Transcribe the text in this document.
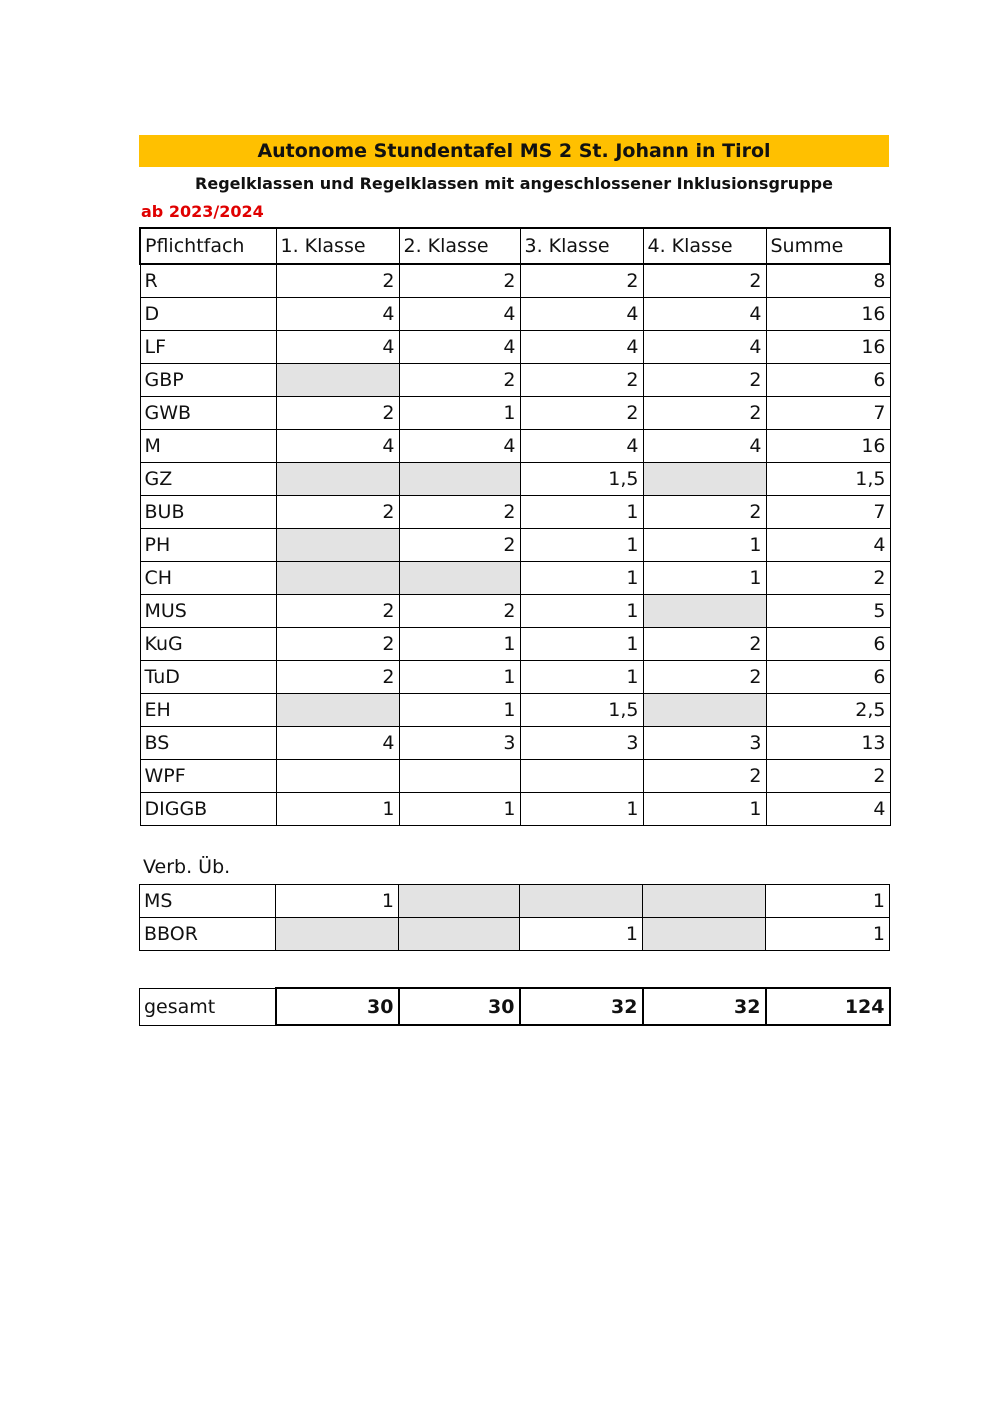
Autonome Stundentafel MS 2 St. Johann in Tirol
Regelklassen und Regelklassen mit angeschlossener Inklusionsgruppe
ab 2023/2024
Pflichtfach	1. Klasse	2. Klasse	3. Klasse	4. Klasse	Summe
R	2	2	2	2	8
D	4	4	4	4	16
LF	4	4	4	4	16
GBP		2	2	2	6
GWB	2	1	2	2	7
M	4	4	4	4	16
GZ			1,5		1,5
BUB	2	2	1	2	7
PH		2	1	1	4
CH			1	1	2
MUS	2	2	1		5
KuG	2	1	1	2	6
TuD	2	1	1	2	6
EH		1	1,5		2,5
BS	4	3	3	3	13
WPF				2	2
DIGGB	1	1	1	1	4
Verb. Üb.
MS	1				1
BBOR			1		1
gesamt	30	30	32	32	124
